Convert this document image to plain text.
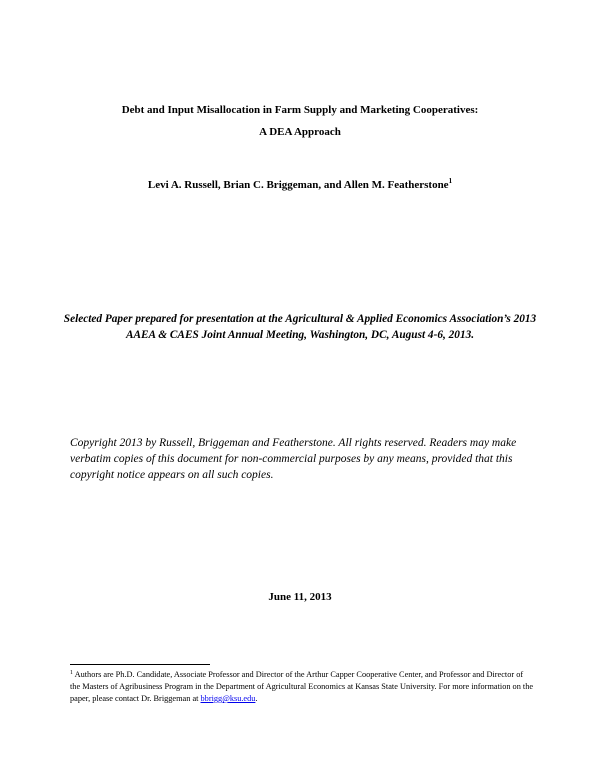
Debt and Input Misallocation in Farm Supply and Marketing Cooperatives:
A DEA Approach
Levi A. Russell, Brian C. Briggeman, and Allen M. Featherstone$^1$
Selected Paper prepared for presentation at the Agricultural & Applied Economics Association’s 2013 AAEA & CAES Joint Annual Meeting, Washington, DC, August 4-6, 2013.
Copyright 2013 by Russell, Briggeman and Featherstone. All rights reserved. Readers may make verbatim copies of this document for non-commercial purposes by any means, provided that this copyright notice appears on all such copies.
June 11, 2013
$^1$ Authors are Ph.D. Candidate, Associate Professor and Director of the Arthur Capper Cooperative Center, and Professor and Director of the Masters of Agribusiness Program in the Department of Agricultural Economics at Kansas State University. For more information on the paper, please contact Dr. Briggeman at bbrigg@ksu.edu.
